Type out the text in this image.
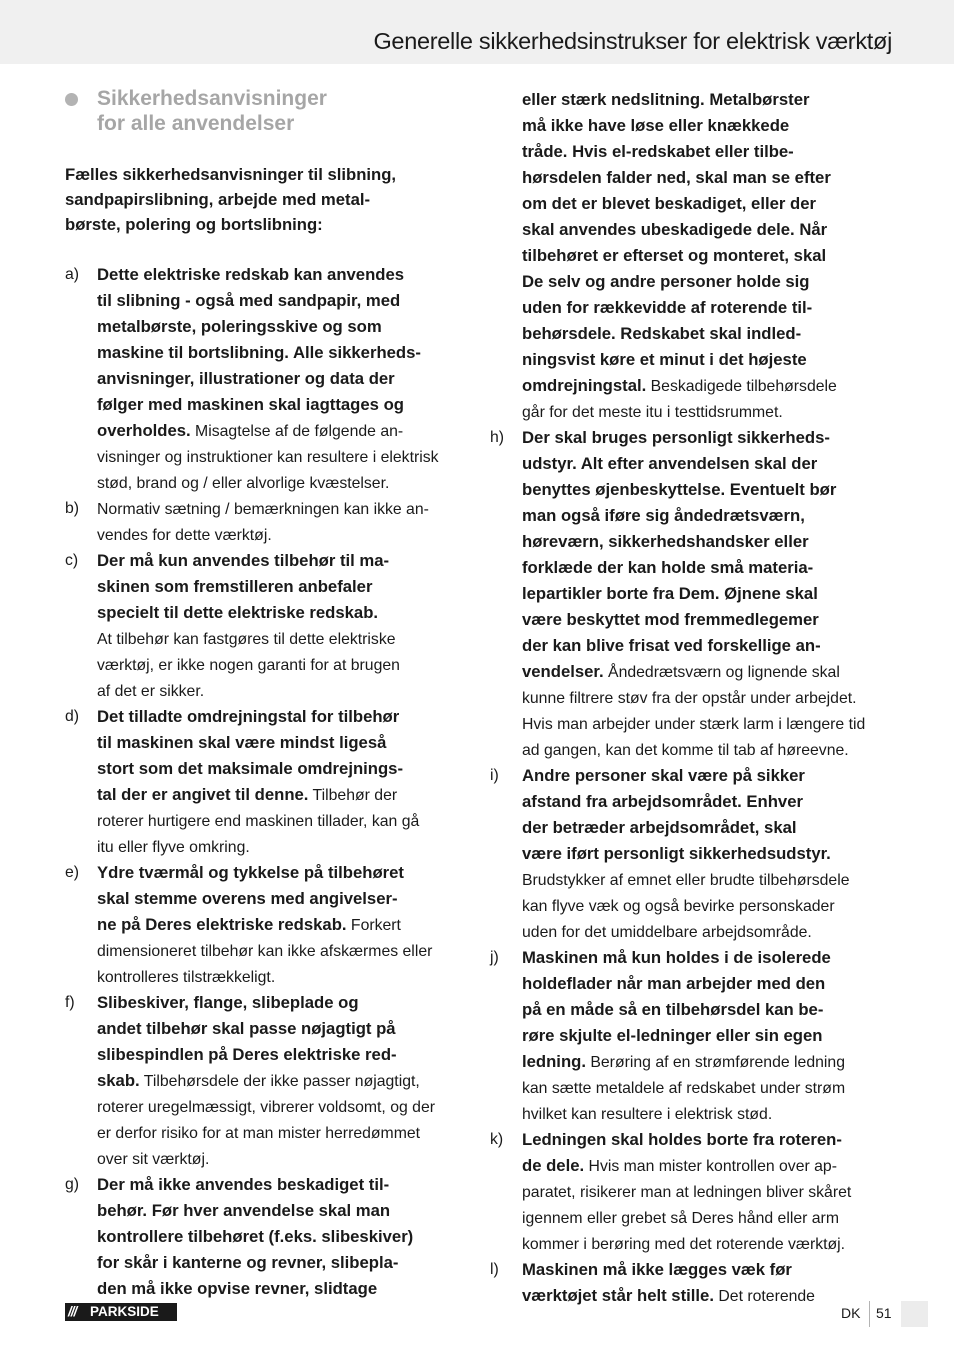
Generelle sikkerhedsinstrukser for elektrisk værktøj
Sikkerhedsanvisninger
for alle anvendelser
Fælles sikkerhedsanvisninger til slibning,
sandpapirslibning, arbejde med metal-
børste, polering og bortslibning:
a)	Dette elektriske redskab kan anvendes
til slibning - også med sandpapir, med
metalbørste, poleringsskive og som
maskine til bortslibning. Alle sikkerheds-
anvisninger, illustrationer og data der
følger med maskinen skal iagttages og
overholdes. Misagtelse af de følgende an-
visninger og instruktioner kan resultere i elektrisk
stød, brand og / eller alvorlige kvæstelser.
b)	Normativ sætning / bemærkningen kan ikke an-
vendes for dette værktøj.
c)	Der må kun anvendes tilbehør til ma-
skinen som fremstilleren anbefaler
specielt til dette elektriske redskab.
At tilbehør kan fastgøres til dette elektriske
værktøj, er ikke nogen garanti for at brugen
af det er sikker.
d)	Det tilladte omdrejningstal for tilbehør
til maskinen skal være mindst ligeså
stort som det maksimale omdrejnings-
tal der er angivet til denne. Tilbehør der
roterer hurtigere end maskinen tillader, kan gå
itu eller flyve omkring.
e)	Ydre tværmål og tykkelse på tilbehøret
skal stemme overens med angivelser-
ne på Deres elektriske redskab. Forkert
dimensioneret tilbehør kan ikke afskærmes eller
kontrolleres tilstrækkeligt.
f)	Slibeskiver, flange, slibeplade og
andet tilbehør skal passe nøjagtigt på
slibespindlen på Deres elektriske red-
skab. Tilbehørsdele der ikke passer nøjagtigt,
roterer uregelmæssigt, vibrerer voldsomt, og der
er derfor risiko for at man mister herredømmet
over sit værktøj.
g)	Der må ikke anvendes beskadiget til-
behør. Før hver anvendelse skal man
kontrollere tilbehøret (f.eks. slibeskiver)
for skår i kanterne og revner, slibepla-
den må ikke opvise revner, slidtage
eller stærk nedslitning. Metalbørster
må ikke have løse eller knækkede
tråde. Hvis el-redskabet eller tilbe-
hørsdelen falder ned, skal man se efter
om det er blevet beskadiget, eller der
skal anvendes ubeskadigede dele. Når
tilbehøret er efterset og monteret, skal
De selv og andre personer holde sig
uden for rækkevidde af roterende til-
behørsdele. Redskabet skal indled-
ningsvist køre et minut i det højeste
omdrejningstal. Beskadigede tilbehørsdele
går for det meste itu i testtidsrummet.
h)	Der skal bruges personligt sikkerheds-
udstyr. Alt efter anvendelsen skal der
benyttes øjenbeskyttelse. Eventuelt bør
man også iføre sig åndedrætsværn,
høreværn, sikkerhedshandsker eller
forklæde der kan holde små materia-
lepartikler borte fra Dem. Øjnene skal
være beskyttet mod fremmedlegemer
der kan blive frisat ved forskellige an-
vendelser. Åndedrætsværn og lignende skal
kunne filtrere støv fra der opstår under arbejdet.
Hvis man arbejder under stærk larm i længere tid
ad gangen, kan det komme til tab af høreevne.
i)	Andre personer skal være på sikker
afstand fra arbejdsområdet. Enhver
der betræder arbejdsområdet, skal
være iført personligt sikkerhedsudstyr.
Brudstykker af emnet eller brudte tilbehørsdele
kan flyve væk og også bevirke personskader
uden for det umiddelbare arbejdsområde.
j)	Maskinen må kun holdes i de isolerede
holdeflader når man arbejder med den
på en måde så en tilbehørsdel kan be-
røre skjulte el-ledninger eller sin egen
ledning. Berøring af en strømførende ledning
kan sætte metaldele af redskabet under strøm
hvilket kan resultere i elektrisk stød.
k)	Ledningen skal holdes borte fra roteren-
de dele. Hvis man mister kontrollen over ap-
paratet, risikerer man at ledningen bliver skåret
igennem eller grebet så Deres hånd eller arm
kommer i berøring med det roterende værktøj.
l)	Maskinen må ikke lægges væk før
værktøjet står helt stille. Det roterende
/// PARKSIDE	DK 51
